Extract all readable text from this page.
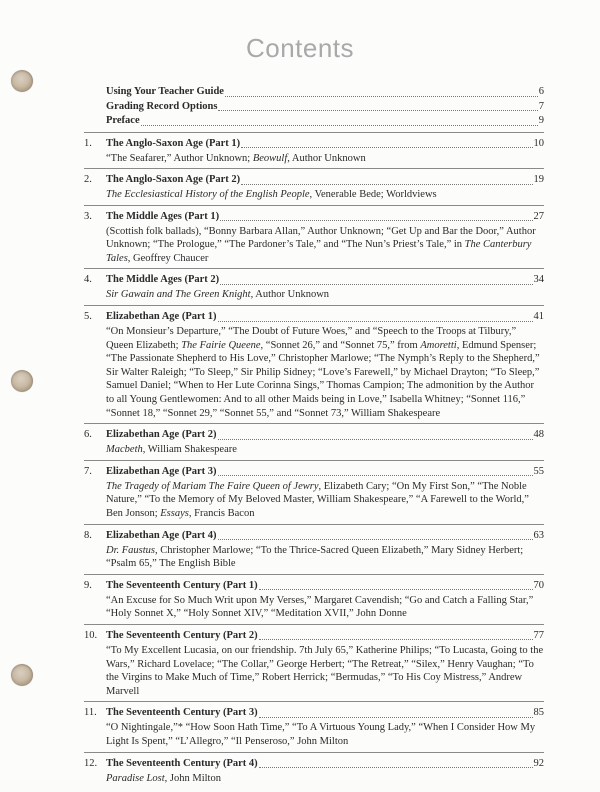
Contents
Using Your Teacher Guide	6
Grading Record Options	7
Preface	9
1.	The Anglo-Saxon Age (Part 1)	10
“The Seafarer,” Author Unknown; Beowulf, Author Unknown
2.	The Anglo-Saxon Age (Part 2)	19
The Ecclesiastical History of the English People, Venerable Bede; Worldviews
3.	The Middle Ages (Part 1)	27
(Scottish folk ballads), “Bonny Barbara Allan,” Author Unknown; “Get Up and Bar the Door,” Author Unknown; “The Prologue,” “The Pardoner’s Tale,” and “The Nun’s Priest’s Tale,” in The Canterbury Tales, Geoffrey Chaucer
4.	The Middle Ages (Part 2)	34
Sir Gawain and The Green Knight, Author Unknown
5.	Elizabethan Age (Part 1)	41
“On Monsieur’s Departure,” “The Doubt of Future Woes,” and “Speech to the Troops at Tilbury,” Queen Elizabeth; The Fairie Queene, “Sonnet 26,” and “Sonnet 75,” from Amoretti, Edmund Spenser; “The Passionate Shepherd to His Love,” Christopher Marlowe; “The Nymph’s Reply to the Shepherd,” Sir Walter Raleigh; “To Sleep,” Sir Philip Sidney; “Love’s Farewell,” by Michael Drayton; “To Sleep,” Samuel Daniel; “When to Her Lute Corinna Sings,” Thomas Campion; The admonition by the Author to all Young Gentlewomen: And to all other Maids being in Love,” Isabella Whitney; “Sonnet 116,” “Sonnet 18,” “Sonnet 29,” “Sonnet 55,” and “Sonnet 73,” William Shakespeare
6.	Elizabethan Age (Part 2)	48
Macbeth, William Shakespeare
7.	Elizabethan Age (Part 3)	55
The Tragedy of Mariam The Faire Queen of Jewry, Elizabeth Cary; “On My First Son,” “The Noble Nature,” “To the Memory of My Beloved Master, William Shakespeare,” “A Farewell to the World,” Ben Jonson; Essays, Francis Bacon
8.	Elizabethan Age (Part 4)	63
Dr. Faustus, Christopher Marlowe; “To the Thrice-Sacred Queen Elizabeth,” Mary Sidney Herbert; “Psalm 65,” The English Bible
9.	The Seventeenth Century (Part 1)	70
“An Excuse for So Much Writ upon My Verses,” Margaret Cavendish; “Go and Catch a Falling Star,” “Holy Sonnet X,” “Holy Sonnet XIV,” “Meditation XVII,” John Donne
10. The Seventeenth Century (Part 2)	77
“To My Excellent Lucasia, on our friendship. 7th July 65,” Katherine Philips; “To Lucasta, Going to the Wars,” Richard Lovelace; “The Collar,” George Herbert; “The Retreat,” “Silex,” Henry Vaughan; “To the Virgins to Make Much of Time,” Robert Herrick; “Bermudas,” “To His Coy Mistress,” Andrew Marvell
11. The Seventeenth Century (Part 3)	85
“O Nightingale,”* “How Soon Hath Time,” “To A Virtuous Young Lady,” “When I Consider How My Light Is Spent,” “L’Allegro,” “Il Penseroso,” John Milton
12. The Seventeenth Century (Part 4)	92
Paradise Lost, John Milton
